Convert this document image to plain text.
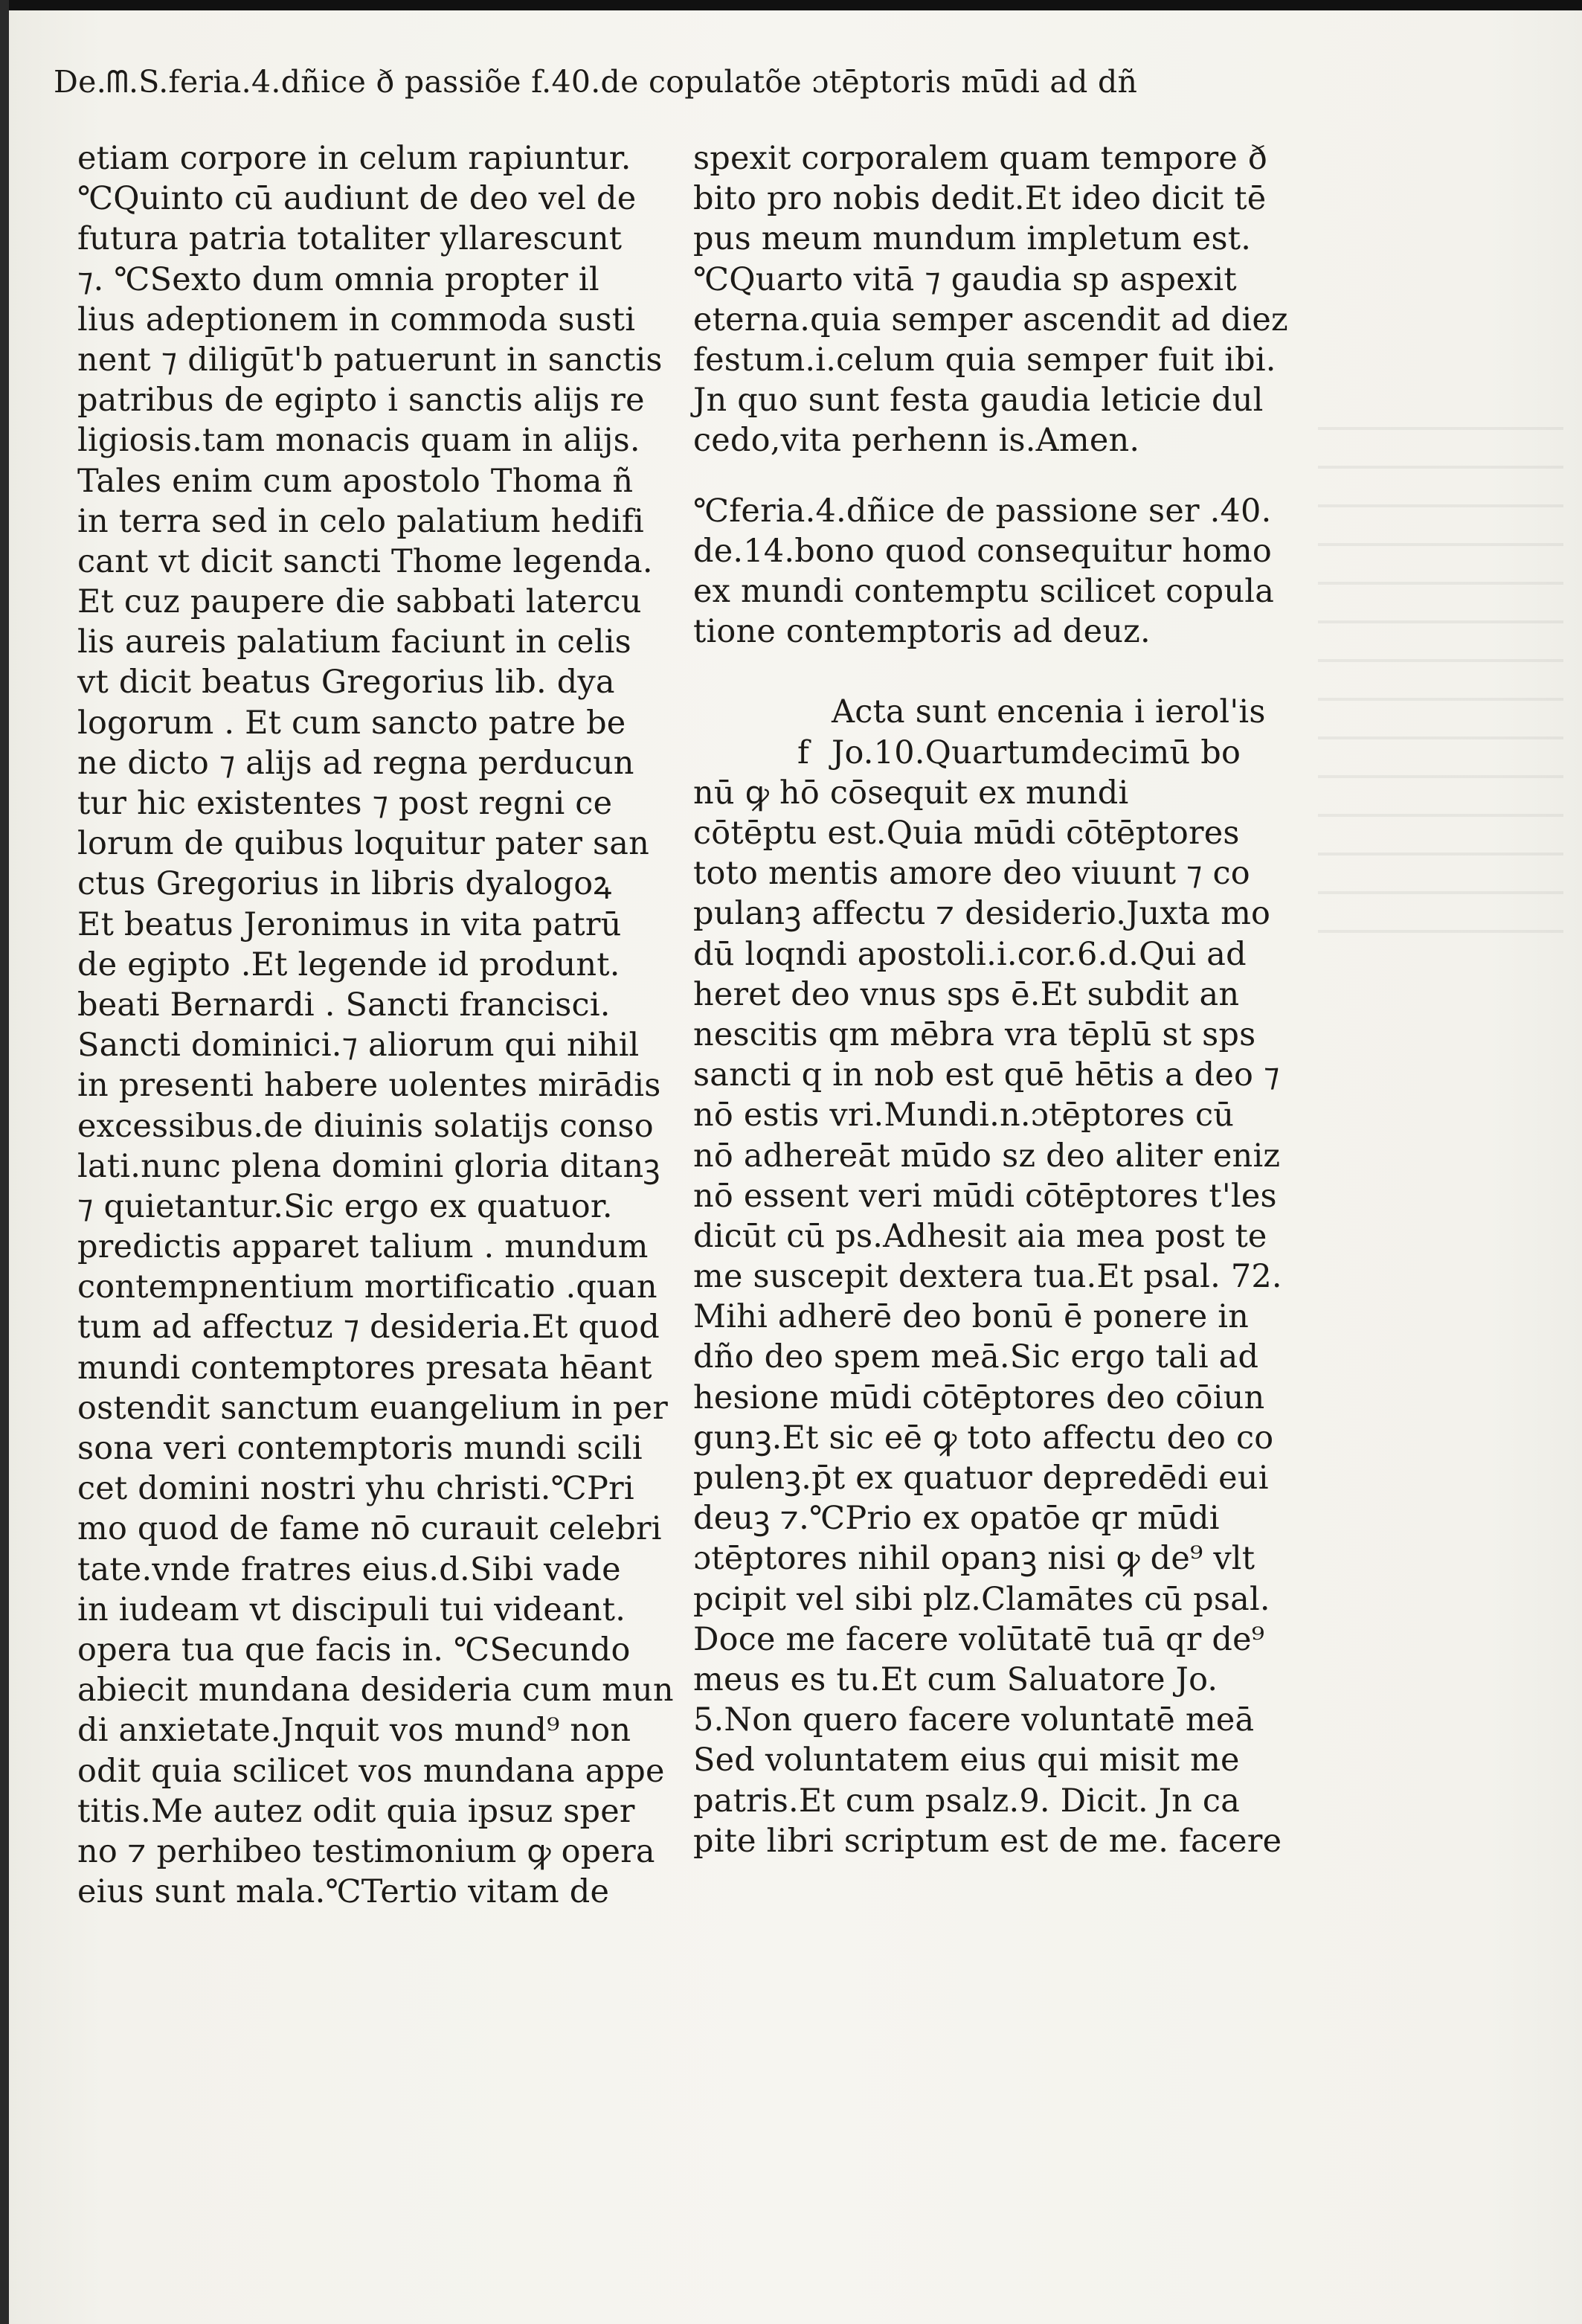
De.ᗰ.S.feria.4.dñice ð passiõe f.40.de copulatõe ɔtēptoris mūdi ad dñ
etiam corpore in celum rapiuntur.
℃Quinto cū audiunt de deo vel de
futura patria totaliter yllarescunt
⁊. ℃Sexto dum omnia propter il
lius adeptionem in commoda susti
nent ⁊ diligūt'b patuerunt in sanctis
patribus de egipto i sanctis alijs re
ligiosis.tam monacis quam in alijs.
Tales enim cum apostolo Thoma ñ
in terra sed in celo palatium hedifi
cant vt dicit sancti Thome legenda.
Et cuz paupere die sabbati latercu
lis aureis palatium faciunt in celis
vt dicit beatus Gregorius lib. dya
logorum . Et cum sancto patre be
ne dicto ⁊ alijs ad regna perducun
tur hic existentes ⁊ post regni ce
lorum de quibus loquitur pater san
ctus Gregorius in libris dyalogoꝝ
Et beatus Jeronimus in vita patrū
de egipto .Et legende id produnt.
beati Bernardi . Sancti francisci.
Sancti dominici.⁊ aliorum qui nihil
in presenti habere uolentes mirādis
excessibus.de diuinis solatijs conso
lati.nunc plena domini gloria ditanꝫ
⁊ quietantur.Sic ergo ex quatuor.
predictis apparet talium . mundum
contempnentium mortificatio .quan
tum ad affectuz ⁊ desideria.Et quod
mundi contemptores presata hēant
ostendit sanctum euangelium in per
sona veri contemptoris mundi scili
cet domini nostri yhu christi.℃Pri
mo quod de fame nō curauit celebri
tate.vnde fratres eius.d.Sibi vade
in iudeam vt discipuli tui videant.
opera tua que facis in. ℃Secundo
abiecit mundana desideria cum mun
di anxietate.Jnquit vos mund⁹ non
odit quia scilicet vos mundana appe
titis.Me autez odit quia ipsuz sper
no ⁊ perhibeo testimonium ꝙ opera
eius sunt mala.℃Tertio vitam de
spexit corporalem quam tempore ð
bito pro nobis dedit.Et ideo dicit tē
pus meum mundum impletum est.
℃Quarto vitā ⁊ gaudia sp aspexit
eterna.quia semper ascendit ad diez
festum.i.celum quia semper fuit ibi.
Jn quo sunt festa gaudia leticie dul
cedo,vita perhenn is.Amen.
℃feria.4.dñice de passione ser .40.
de.14.bono quod consequitur homo
ex mundi contemptu scilicet copula
tione contemptoris ad deuz.
Acta sunt encenia i ierol'is
f Jo.10.Quartumdecimū bo
nū ꝙ hō cōsequit ex mundi
cōtēptu est.Quia mūdi cōtēptores
toto mentis amore deo viuunt ⁊ co
pulanꝫ affectu ⁊ desiderio.Juxta mo
dū loqndi apostoli.i.cor.6.d.Qui ad
heret deo vnus sps ē.Et subdit an
nescitis qm mēbra vra tēplū st sps
sancti q in nob est quē hētis a deo ⁊
nō estis vri.Mundi.n.ɔtēptores cū
nō adhereāt mūdo sz deo aliter eniz
nō essent veri mūdi cōtēptores t'les
dicūt cū ps.Adhesit aia mea post te
me suscepit dextera tua.Et psal. 72.
Mihi adherē deo bonū ē ponere in
dño deo spem meā.Sic ergo tali ad
hesione mūdi cōtēptores deo cōiun
gunꝫ.Et sic eē ꝙ toto affectu deo co
pulenꝫ.p̄t ex quatuor depredēdi eui
deuꝫ ⁊.℃Prio ex opatōe qr mūdi
ɔtēptores nihil opanꝫ nisi ꝙ de⁹ vlt
pcipit vel sibi plz.Clamātes cū psal.
Doce me facere volūtatē tuā qr de⁹
meus es tu.Et cum Saluatore Jo.
5.Non quero facere voluntatē meā
Sed voluntatem eius qui misit me
patris.Et cum psalz.9. Dicit. Jn ca
pite libri scriptum est de me. facere
